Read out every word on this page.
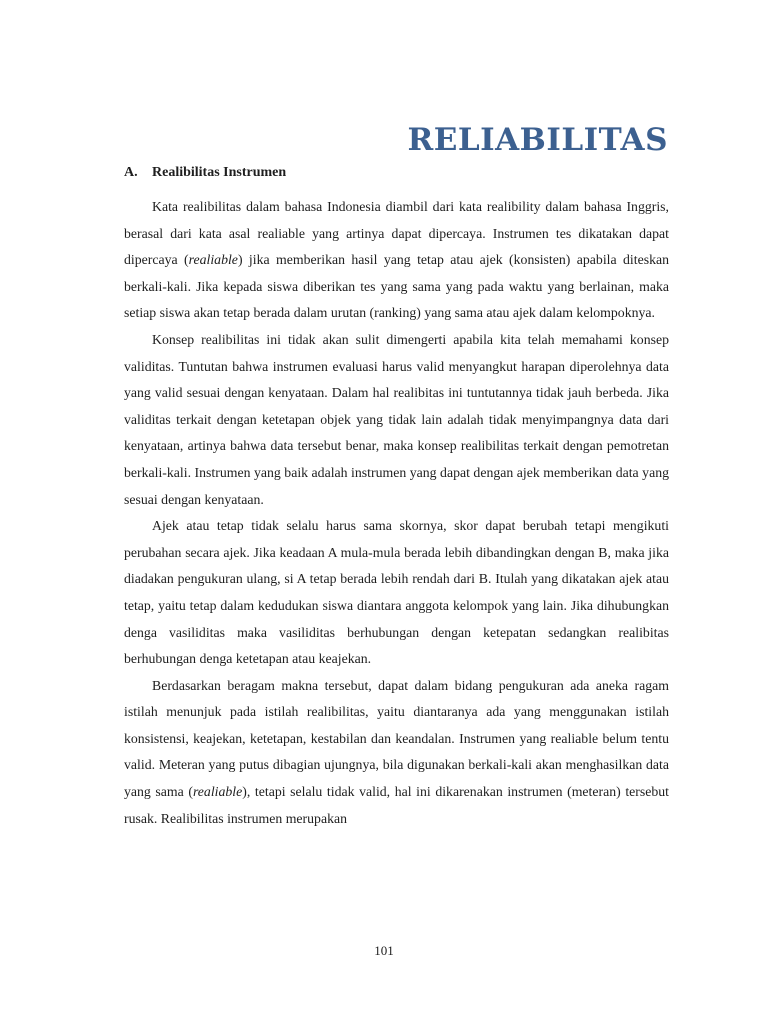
RELIABILITAS
A. Realibilitas Instrumen

Kata realibilitas dalam bahasa Indonesia diambil dari kata realibility dalam bahasa Inggris, berasal dari kata asal realiable yang artinya dapat dipercaya. Instrumen tes dikatakan dapat dipercaya (realiable) jika memberikan hasil yang tetap atau ajek (konsisten) apabila diteskan berkali-kali. Jika kepada siswa diberikan tes yang sama yang pada waktu yang berlainan, maka setiap siswa akan tetap berada dalam urutan (ranking) yang sama atau ajek dalam kelompoknya.

Konsep realibilitas ini tidak akan sulit dimengerti apabila kita telah memahami konsep validitas. Tuntutan bahwa instrumen evaluasi harus valid menyangkut harapan diperolehnya data yang valid sesuai dengan kenyataan. Dalam hal realibitas ini tuntutannya tidak jauh berbeda. Jika validitas terkait dengan ketetapan objek yang tidak lain adalah tidak menyimpangnya data dari kenyataan, artinya bahwa data tersebut benar, maka konsep realibilitas terkait dengan pemotretan berkali-kali. Instrumen yang baik adalah instrumen yang dapat dengan ajek memberikan data yang sesuai dengan kenyataan.

Ajek atau tetap tidak selalu harus sama skornya, skor dapat berubah tetapi mengikuti perubahan secara ajek. Jika keadaan A mula-mula berada lebih dibandingkan dengan B, maka jika diadakan pengukuran ulang, si A tetap berada lebih rendah dari B. Itulah yang dikatakan ajek atau tetap, yaitu tetap dalam kedudukan siswa diantara anggota kelompok yang lain. Jika dihubungkan denga vasiliditas maka vasiliditas berhubungan dengan ketepatan sedangkan realibitas berhubungan denga ketetapan atau keajekan.

Berdasarkan beragam makna tersebut, dapat dalam bidang pengukuran ada aneka ragam istilah menunjuk pada istilah realibilitas, yaitu diantaranya ada yang menggunakan istilah konsistensi, keajekan, ketetapan, kestabilan dan keandalan. Instrumen yang realiable belum tentu valid. Meteran yang putus dibagian ujungnya, bila digunakan berkali-kali akan menghasilkan data yang sama (realiable), tetapi selalu tidak valid, hal ini dikarenakan instrumen (meteran) tersebut rusak. Realibilitas instrumen merupakan

101
